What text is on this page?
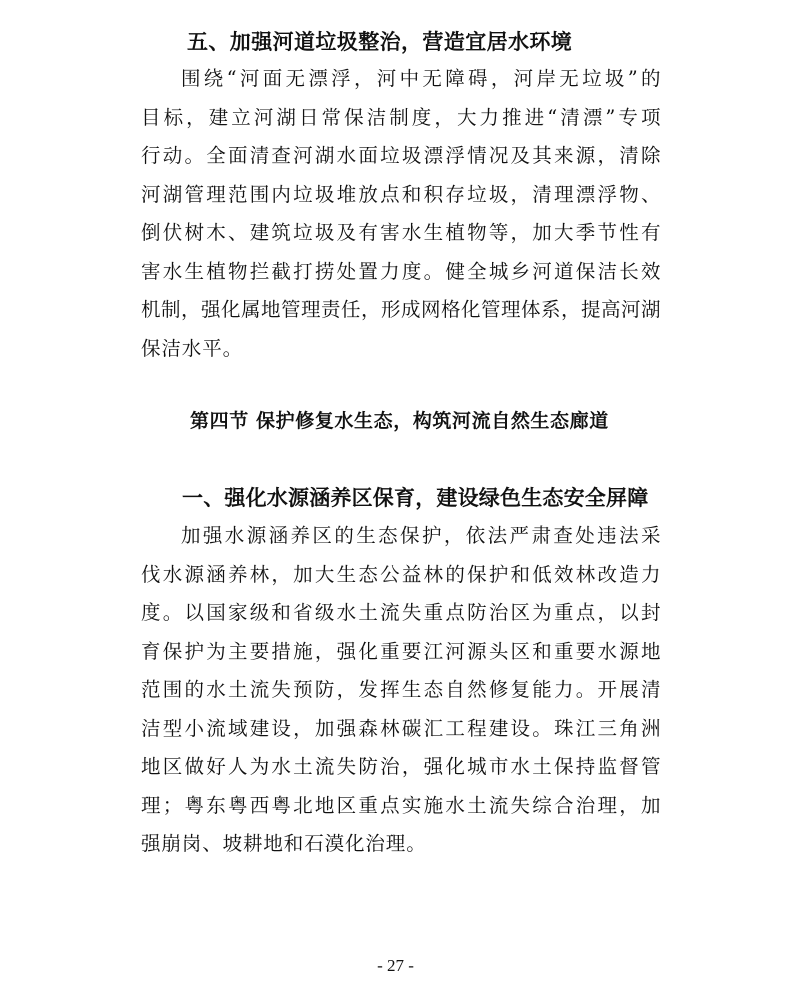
五、加强河道垃圾整治，营造宜居水环境
围绕“河面无漂浮，河中无障碍，河岸无垃圾”的
目标，建立河湖日常保洁制度，大力推进“清漂”专项
行动。全面清查河湖水面垃圾漂浮情况及其来源，清除
河湖管理范围内垃圾堆放点和积存垃圾，清理漂浮物、
倒伏树木、建筑垃圾及有害水生植物等，加大季节性有
害水生植物拦截打捞处置力度。健全城乡河道保洁长效
机制，强化属地管理责任，形成网格化管理体系，提高河湖
保洁水平。
第四节 保护修复水生态，构筑河流自然生态廊道
一、强化水源涵养区保育，建设绿色生态安全屏障
加强水源涵养区的生态保护，依法严肃查处违法采
伐水源涵养林，加大生态公益林的保护和低效林改造力
度。以国家级和省级水土流失重点防治区为重点，以封
育保护为主要措施，强化重要江河源头区和重要水源地
范围的水土流失预防，发挥生态自然修复能力。开展清
洁型小流域建设，加强森林碳汇工程建设。珠江三角洲
地区做好人为水土流失防治，强化城市水土保持监督管
理；粤东粤西粤北地区重点实施水土流失综合治理，加
强崩岗、坡耕地和石漠化治理。
- 27 -
